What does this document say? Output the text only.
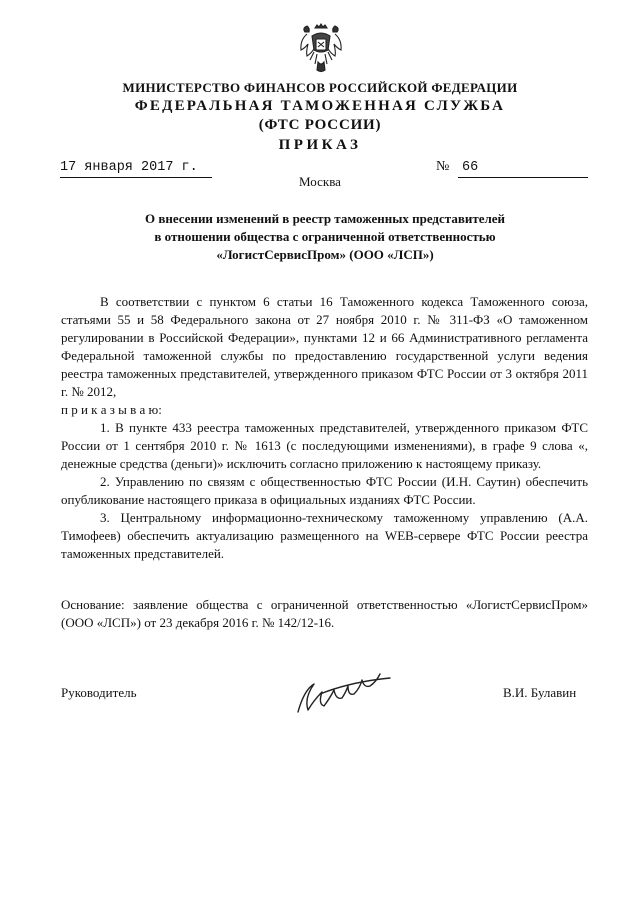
МИНИСТЕРСТВО ФИНАНСОВ РОССИЙСКОЙ ФЕДЕРАЦИИ
ФЕДЕРАЛЬНАЯ ТАМОЖЕННАЯ СЛУЖБА
(ФТС РОССИИ)
ПРИКАЗ
17 января 2017 г.	№ 66
Москва
О внесении изменений в реестр таможенных представителей
в отношении общества с ограниченной ответственностью
«ЛогистСервисПром» (ООО «ЛСП»)

В соответствии с пунктом 6 статьи 16 Таможенного кодекса Таможенного союза, статьями 55 и 58 Федерального закона от 27 ноября 2010 г. № 311-ФЗ «О таможенном регулировании в Российской Федерации», пунктами 12 и 66 Административного регламента Федеральной таможенной службы по предоставлению государственной услуги ведения реестра таможенных представителей, утвержденного приказом ФТС России от 3 октября 2011 г. № 2012,

п р и к а з ы в а ю:

1. В пункте 433 реестра таможенных представителей, утвержденного приказом ФТС России от 1 сентября 2010 г. № 1613 (с последующими изменениями), в графе 9 слова «, денежные средства (деньги)» исключить согласно приложению к настоящему приказу.

2. Управлению по связям с общественностью ФТС России (И.Н. Саутин) обеспечить опубликование настоящего приказа в официальных изданиях ФТС России.

3. Центральному информационно-техническому таможенному управлению (А.А. Тимофеев) обеспечить актуализацию размещенного на WEB-сервере ФТС России реестра таможенных представителей.

Основание: заявление общества с ограниченной ответственностью «ЛогистСервисПром» (ООО «ЛСП») от 23 декабря 2016 г. № 142/12-16.

Руководитель	В.И. Булавин
